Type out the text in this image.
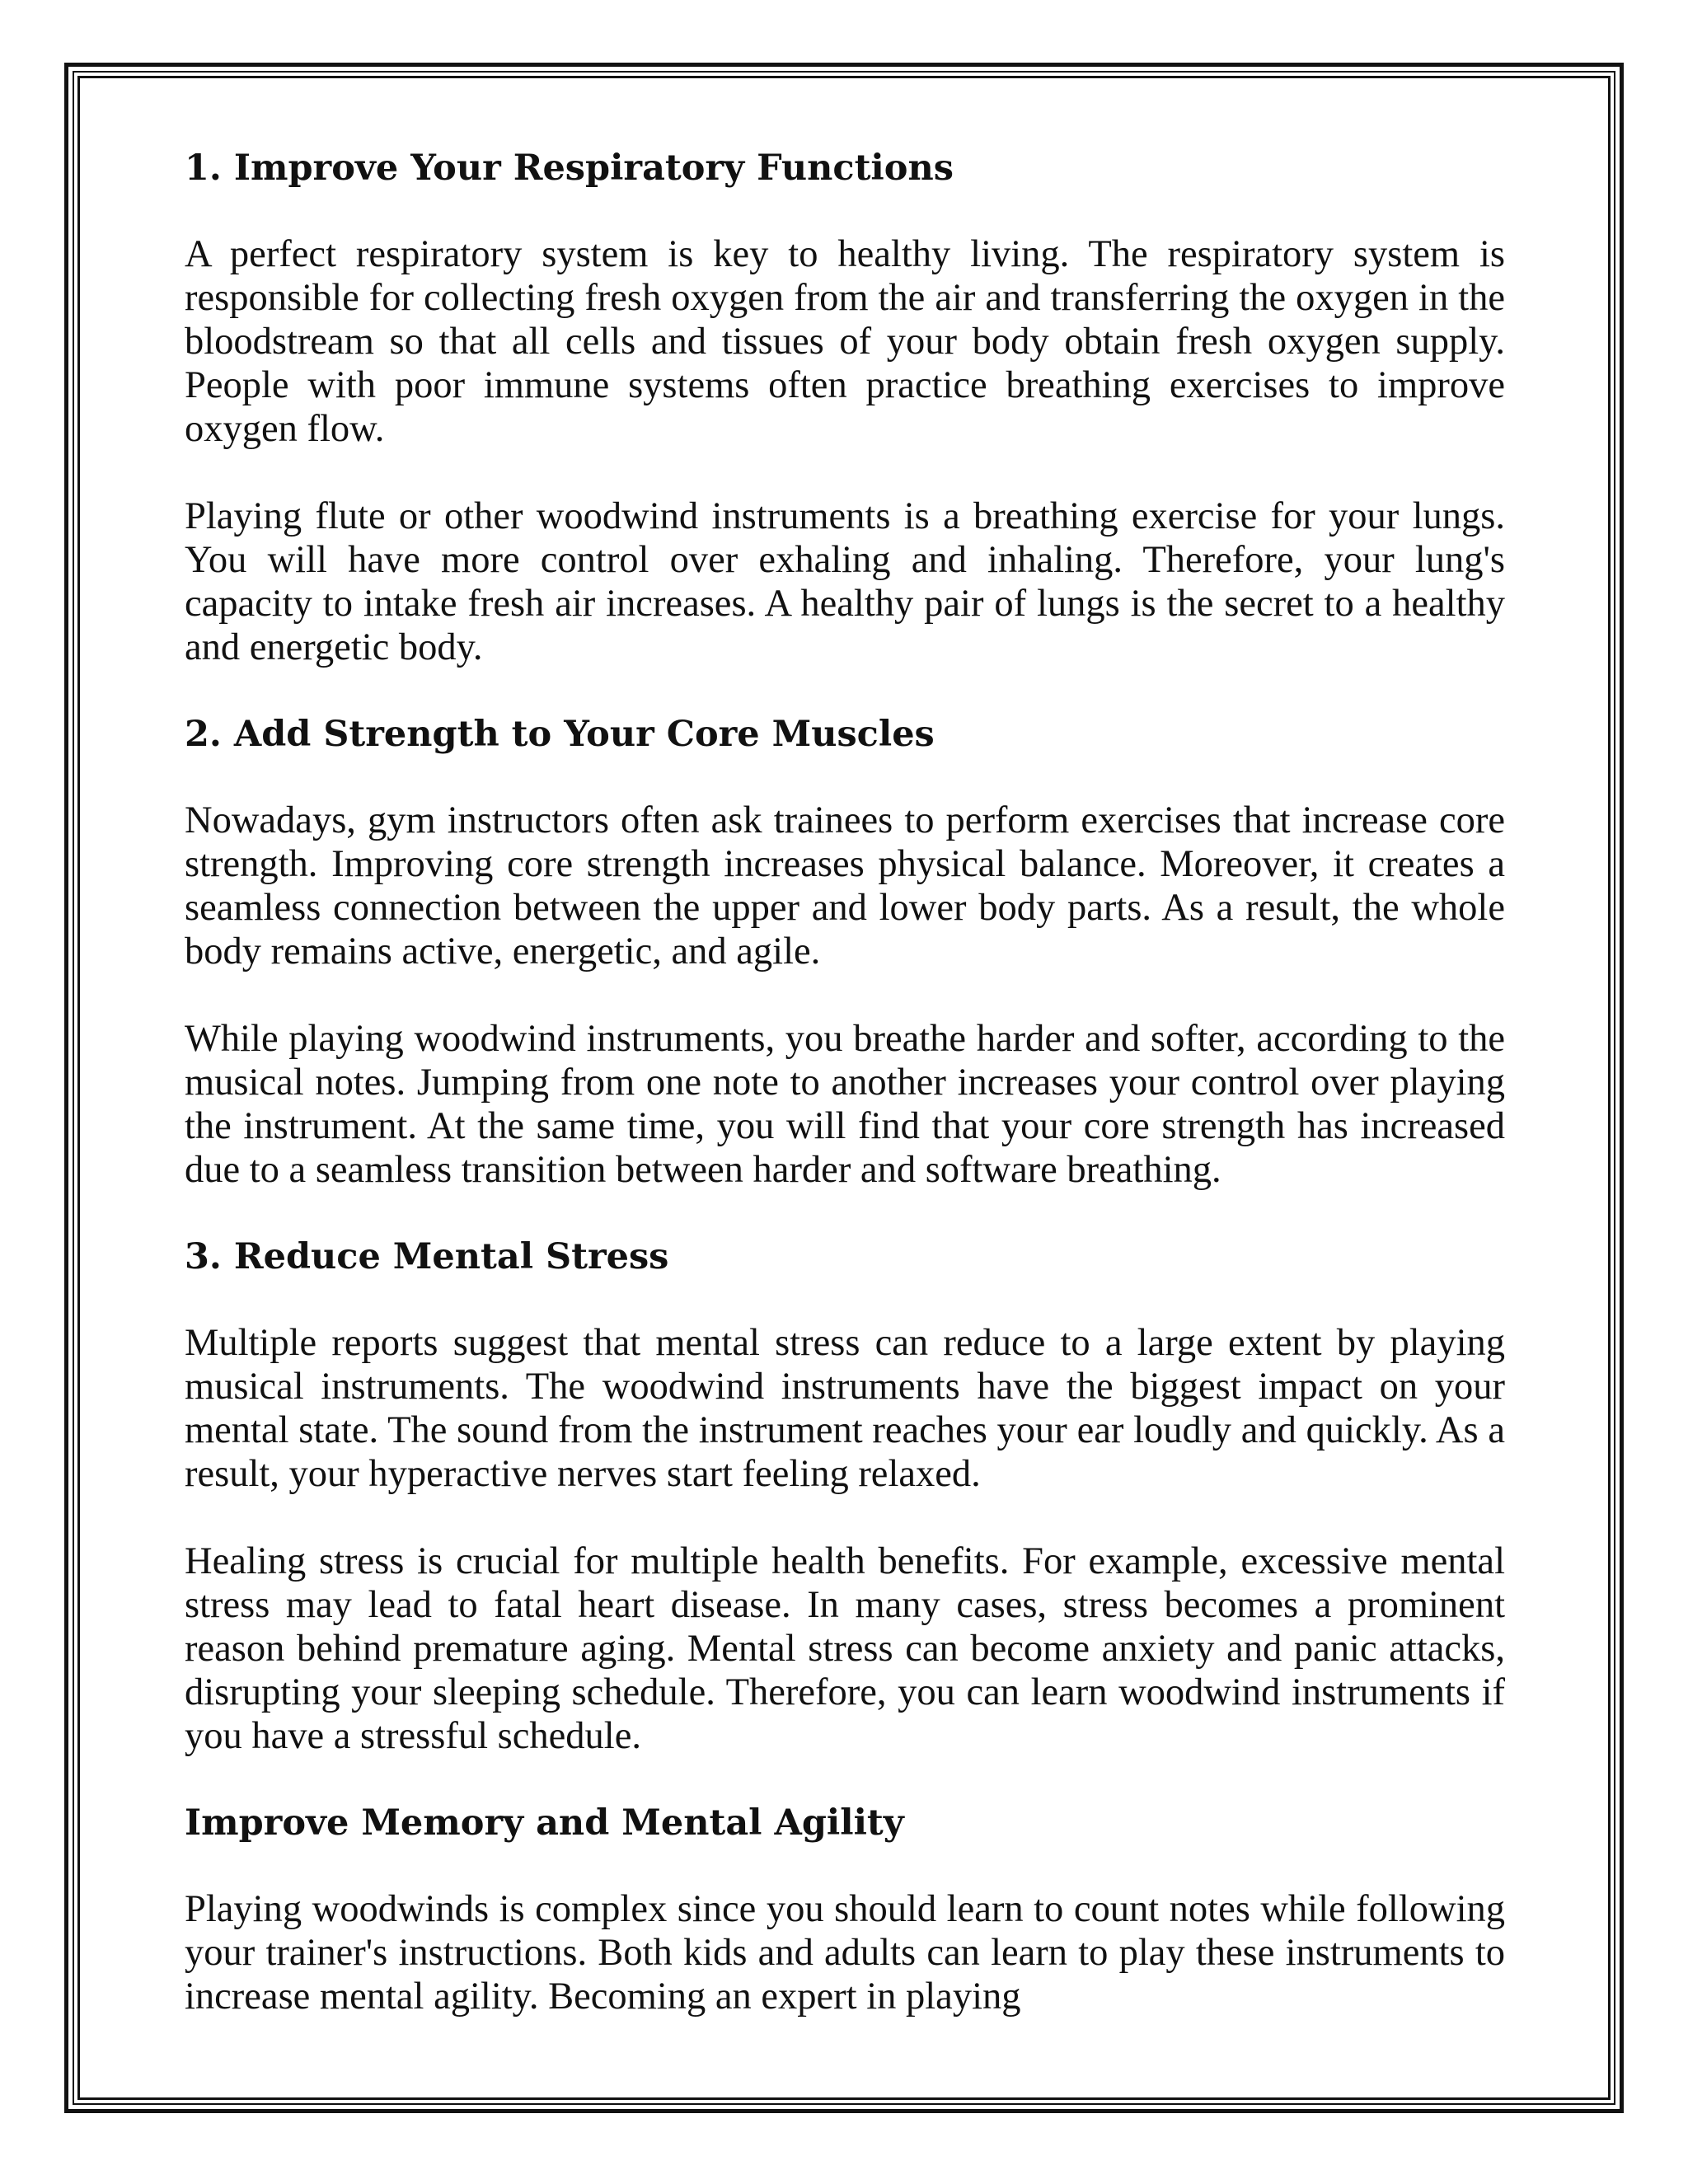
1. Improve Your Respiratory Functions

A perfect respiratory system is key to healthy living. The respiratory system is responsible for collecting fresh oxygen from the air and transferring the oxygen in the bloodstream so that all cells and tissues of your body obtain fresh oxygen supply. People with poor immune systems often practice breathing exercises to improve oxygen flow.

Playing flute or other woodwind instruments is a breathing exercise for your lungs. You will have more control over exhaling and inhaling. Therefore, your lung's capacity to intake fresh air increases. A healthy pair of lungs is the secret to a healthy and energetic body.

2. Add Strength to Your Core Muscles

Nowadays, gym instructors often ask trainees to perform exercises that increase core strength. Improving core strength increases physical balance. Moreover, it creates a seamless connection between the upper and lower body parts. As a result, the whole body remains active, energetic, and agile.

While playing woodwind instruments, you breathe harder and softer, according to the musical notes. Jumping from one note to another increases your control over playing the instrument. At the same time, you will find that your core strength has increased due to a seamless transition between harder and software breathing.

3. Reduce Mental Stress

Multiple reports suggest that mental stress can reduce to a large extent by playing musical instruments. The woodwind instruments have the biggest impact on your mental state. The sound from the instrument reaches your ear loudly and quickly. As a result, your hyperactive nerves start feeling relaxed.

Healing stress is crucial for multiple health benefits. For example, excessive mental stress may lead to fatal heart disease. In many cases, stress becomes a prominent reason behind premature aging. Mental stress can become anxiety and panic attacks, disrupting your sleeping schedule. Therefore, you can learn woodwind instruments if you have a stressful schedule.

Improve Memory and Mental Agility

Playing woodwinds is complex since you should learn to count notes while following your trainer's instructions. Both kids and adults can learn to play these instruments to increase mental agility. Becoming an expert in playing
